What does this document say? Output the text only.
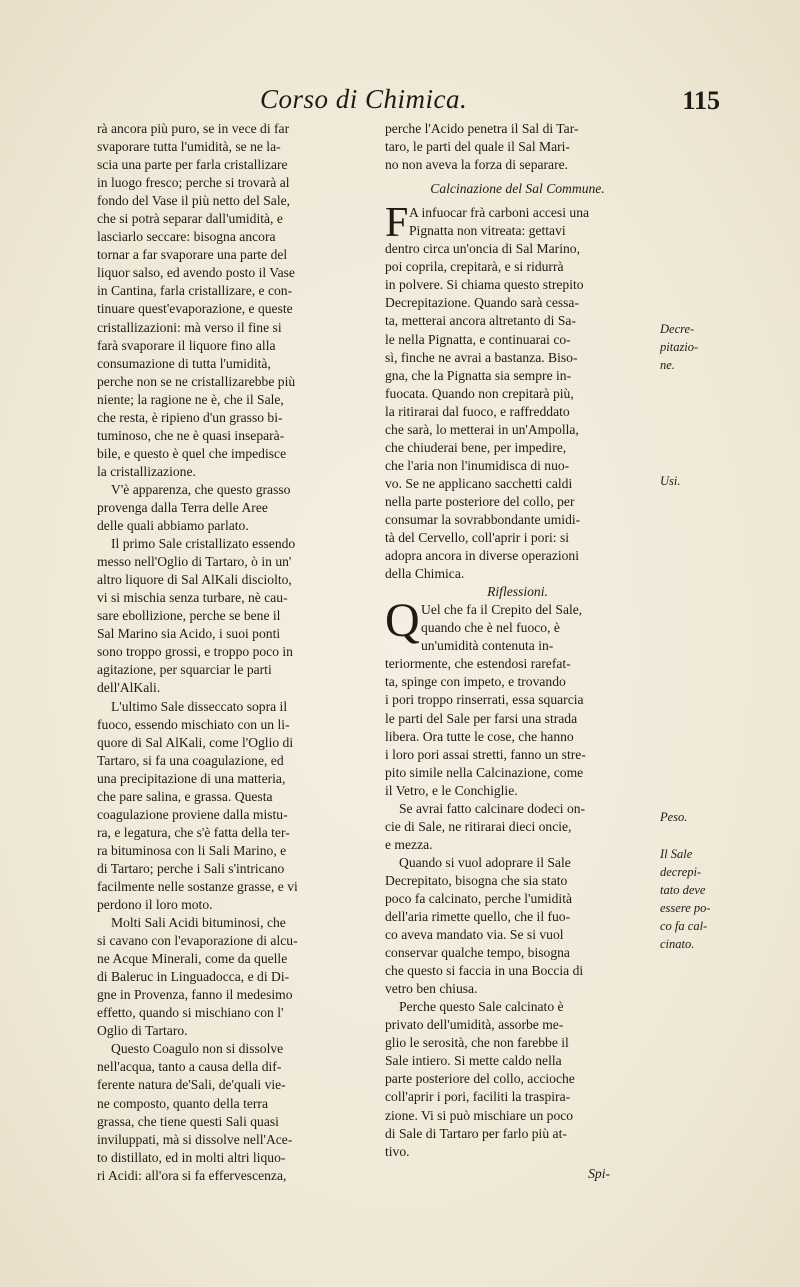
Corso di Chimica.	115
rà ancora più puro, se in vece di far
svaporare tutta l'umidità, se ne la-
scia una parte per farla cristallizare
in luogo fresco; perche si trovarà al
fondo del Vase il più netto del Sale,
che si potrà separar dall'umidità, e
lasciarlo seccare: bisogna ancora
tornar a far svaporare una parte del
liquor salso, ed avendo posto il Vase
in Cantina, farla cristallizare, e con-
tinuare quest'evaporazione, e queste
cristallizazioni: mà verso il fine si
farà svaporare il liquore fino alla
consumazione di tutta l'umidità,
perche non se ne cristallizarebbe più
niente; la ragione ne è, che il Sale,
che resta, è ripieno d'un grasso bi-
tuminoso, che ne è quasi inseparà-
bile, e questo è quel che impedisce
la cristallizazione.
V'è apparenza, che questo grasso
provenga dalla Terra delle Aree
delle quali abbiamo parlato.
Il primo Sale cristallizato essendo
messo nell'Oglio di Tartaro, ò in un'
altro liquore di Sal AlKali disciolto,
vi si mischia senza turbare, nè cau-
sare ebollizione, perche se bene il
Sal Marino sia Acido, i suoi ponti
sono troppo grossi, e troppo poco in
agitazione, per squarciar le parti
dell'AlKali.
L'ultimo Sale disseccato sopra il
fuoco, essendo mischiato con un li-
quore di Sal AlKali, come l'Oglio di
Tartaro, si fa una coagulazione, ed
una precipitazione di una matteria,
che pare salina, e grassa. Questa
coagulazione proviene dalla mistu-
ra, e legatura, che s'è fatta della ter-
ra bituminosa con li Sali Marino, e
di Tartaro; perche i Sali s'intricano
facilmente nelle sostanze grasse, e vi
perdono il loro moto.
Molti Sali Acidi bituminosi, che
si cavano con l'evaporazione di alcu-
ne Acque Minerali, come da quelle
di Baleruc in Linguadocca, e di Di-
gne in Provenza, fanno il medesimo
effetto, quando si mischiano con l'
Oglio di Tartaro.
Questo Coagulo non si dissolve
nell'acqua, tanto a causa della dif-
ferente natura de'Sali, de'quali vie-
ne composto, quanto della terra
grassa, che tiene questi Sali quasi
inviluppati, mà si dissolve nell'Ace-
to distillato, ed in molti altri liquo-
ri Acidi: all'ora si fa effervescenza,
perche l'Acido penetra il Sal di Tar-
taro, le parti del quale il Sal Mari-
no non aveva la forza di separare.
Calcinazione del Sal Commune.
F A infuocar frà carboni accesi una
Pignatta non vitreata: gettavi
dentro circa un'oncia di Sal Marino,
poi coprila, crepitarà, e si ridurrà
in polvere. Si chiama questo strepito
Decrepitazione. Quando sarà cessa-
ta, metterai ancora altretanto di Sa-
le nella Pignatta, e continuarai co-
sì, finche ne avrai a bastanza. Biso-
gna, che la Pignatta sia sempre in-
fuocata. Quando non crepitarà più,
la ritirarai dal fuoco, e raffreddato
che sarà, lo metterai in un'Ampolla,
che chiuderai bene, per impedire,
che l'aria non l'inumidisca di nuo-
vo. Se ne applicano sacchetti caldi
nella parte posteriore del collo, per
consumar la sovrabbondante umidi-
tà del Cervello, coll'aprir i pori: si
adopra ancora in diverse operazioni
della Chimica.
Riflessioni.
Q Uel che fa il Crepito del Sale,
quando che è nel fuoco, è
un'umidità contenuta in-
teriormente, che estendosi rarefat-
ta, spinge con impeto, e trovando
i pori troppo rinserrati, essa squarcia
le parti del Sale per farsi una strada
libera. Ora tutte le cose, che hanno
i loro pori assai stretti, fanno un stre-
pito simile nella Calcinazione, come
il Vetro, e le Conchiglie.
Se avrai fatto calcinare dodeci on-
cie di Sale, ne ritirarai dieci oncie,
e mezza.
Quando si vuol adoprare il Sale
Decrepitato, bisogna che sia stato
poco fa calcinato, perche l'umidità
dell'aria rimette quello, che il fuo-
co aveva mandato via. Se si vuol
conservar qualche tempo, bisogna
che questo si faccia in una Boccia di
vetro ben chiusa.
Perche questo Sale calcinato è
privato dell'umidità, assorbe me-
glio le serosità, che non farebbe il
Sale intiero. Si mette caldo nella
parte posteriore del collo, accioche
coll'aprir i pori, faciliti la traspira-
zione. Vi si può mischiare un poco
di Sale di Tartaro per farlo più at-
tivo.
Spi-
Decre-
pitazio-
ne.
Usi.
Peso.
Il Sale
decrepi-
tato deve
essere po-
co fa cal-
cinato.
